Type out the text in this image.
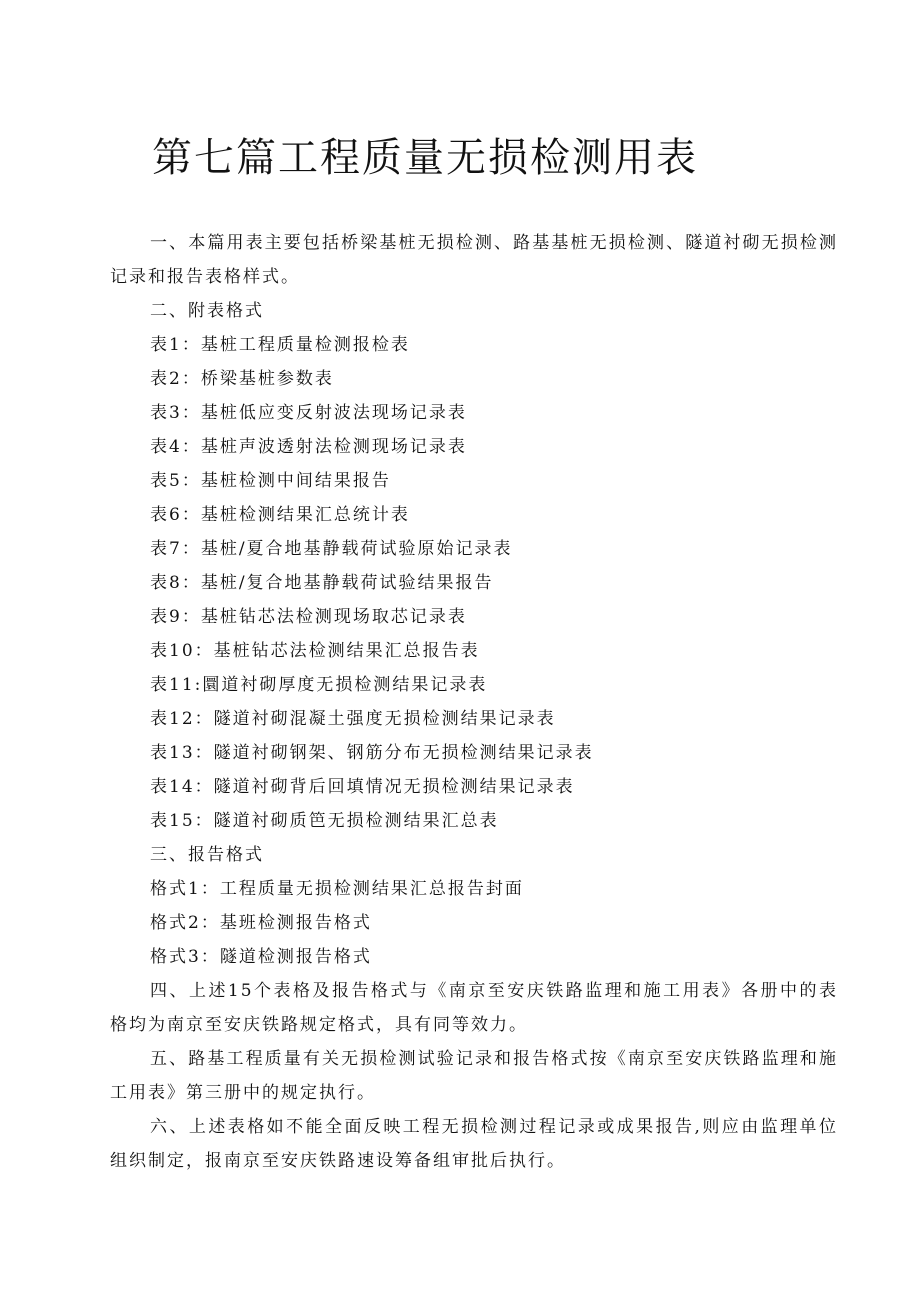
第七篇工程质量无损检测用表

一、本篇用表主要包括桥梁基桩无损检测、路基基桩无损检测、隧道衬砌无损检测记录和报告表格样式。

二、附表格式

表1：基桩工程质量检测报检表

表2：桥梁基桩参数表

表3：基桩低应变反射波法现场记录表

表4：基桩声波透射法检测现场记录表

表5：基桩检测中间结果报告

表6：基桩检测结果汇总统计表

表7：基桩/夏合地基静载荷试验原始记录表

表8：基桩/复合地基静载荷试验结果报告

表9：基桩钻芯法检测现场取芯记录表

表10：基桩钻芯法检测结果汇总报告表

表11:圜道衬砌厚度无损检测结果记录表

表12：隧道衬砌混凝土强度无损检测结果记录表

表13：隧道衬砌钢架、钢筋分布无损检测结果记录表

表14：隧道衬砌背后回填情况无损检测结果记录表

表15：隧道衬砌质笆无损检测结果汇总表

三、报告格式

格式1：工程质量无损检测结果汇总报告封面

格式2：基班检测报告格式

格式3：隧道检测报告格式

四、上述15个表格及报告格式与《南京至安庆铁路监理和施工用表》各册中的表格均为南京至安庆铁路规定格式，具有同等效力。

五、路基工程质量有关无损检测试验记录和报告格式按《南京至安庆铁路监理和施工用表》第三册中的规定执行。

六、上述表格如不能全面反映工程无损检测过程记录或成果报告,则应由监理单位组织制定，报南京至安庆铁路速设筹备组审批后执行。
